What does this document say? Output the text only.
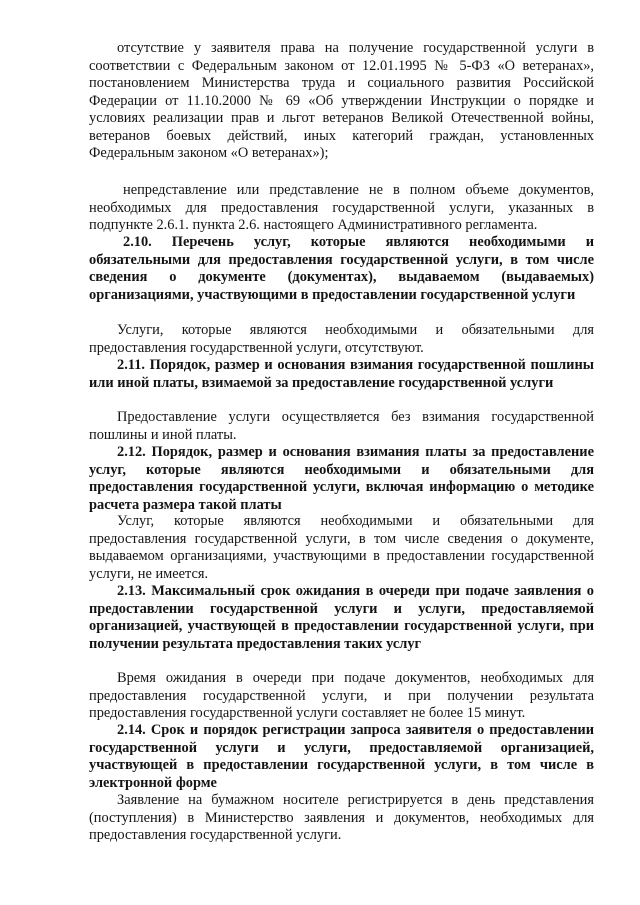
отсутствие у заявителя права на получение государственной услуги в соответствии с Федеральным законом от 12.01.1995 № 5-ФЗ «О ветеранах», постановлением Министерства труда и социального развития Российской Федерации от 11.10.2000 № 69 «Об утверждении Инструкции о порядке и условиях реализации прав и льгот ветеранов Великой Отечественной войны, ветеранов боевых действий, иных категорий граждан, установленных Федеральным законом «О ветеранах»);

непредставление или представление не в полном объеме документов, необходимых для предоставления государственной услуги, указанных в подпункте 2.6.1. пункта 2.6. настоящего Административного регламента.

2.10. Перечень услуг, которые являются необходимыми и обязательными для предоставления государственной услуги, в том числе сведения о документе (документах), выдаваемом (выдаваемых) организациями, участвующими в предоставлении государственной услуги

Услуги, которые являются необходимыми и обязательными для предоставления государственной услуги, отсутствуют.

2.11. Порядок, размер и основания взимания государственной пошлины или иной платы, взимаемой за предоставление государственной услуги

Предоставление услуги осуществляется без взимания государственной пошлины и иной платы.

2.12. Порядок, размер и основания взимания платы за предоставление услуг, которые являются необходимыми и обязательными для предоставления государственной услуги, включая информацию о методике расчета размера такой платы

Услуг, которые являются необходимыми и обязательными для предоставления государственной услуги, в том числе сведения о документе, выдаваемом организациями, участвующими в предоставлении государственной услуги, не имеется.

2.13. Максимальный срок ожидания в очереди при подаче заявления о предоставлении государственной услуги и услуги, предоставляемой организацией, участвующей в предоставлении государственной услуги, при получении результата предоставления таких услуг

Время ожидания в очереди при подаче документов, необходимых для предоставления государственной услуги, и при получении результата предоставления государственной услуги составляет не более 15 минут.

2.14. Срок и порядок регистрации запроса заявителя о предоставлении государственной услуги и услуги, предоставляемой организацией, участвующей в предоставлении государственной услуги, в том числе в электронной форме

Заявление на бумажном носителе регистрируется в день представления (поступления) в Министерство заявления и документов, необходимых для предоставления государственной услуги.
